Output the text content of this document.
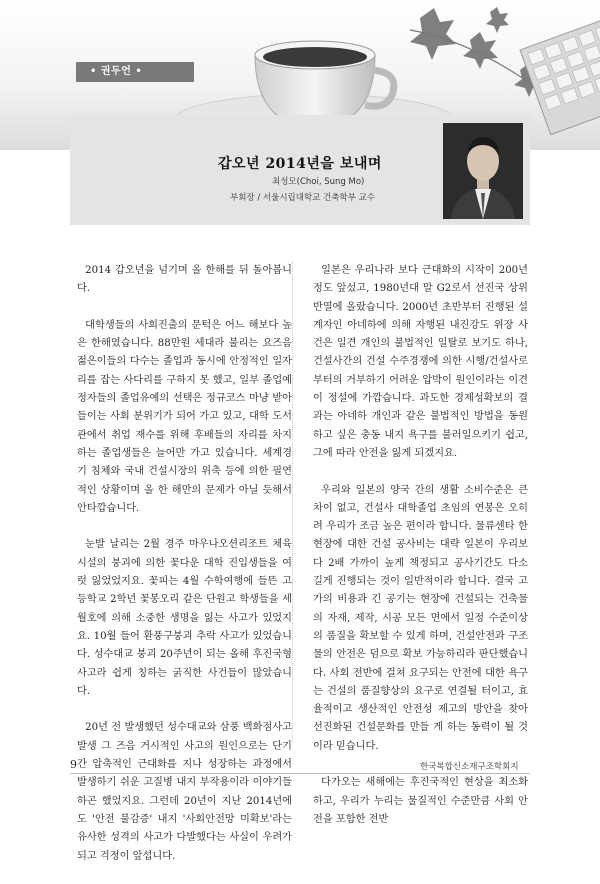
• 권두언 •
갑오년 2014년을 보내며
최성모(Choi, Sung Mo)
부회장 / 서울시립대학교 건축학부 교수

2014 갑오년을 넘기며 올 한해를 뒤 돌아봅니다.

대학생들의 사회진출의 문턱은 어느 해보다 높은 한해였습니다. 88만원 세대라 불리는 요즈음 젊은이들의 다수는 졸업과 동시에 안정적인 일자리를 잡는 사다리를 구하지 못 했고, 일부 졸업예정자들의 졸업유예의 선택은 정규코스 마냥 받아들이는 사회 분위기가 되어 가고 있고, 대학 도서관에서 취업 재수를 위해 후배들의 자리를 차지하는 졸업생들은 늘어만 가고 있습니다. 세계경기 침체와 국내 건설시장의 위축 등에 의한 필연적인 상황이며 올 한 해만의 문제가 아닐 듯해서 안타깝습니다.

눈발 날리는 2월 경주 마우나오션리조트 체육시설의 붕괴에 의한 꽃다운 대학 진입생들을 여럿 잃었었지요. 꽃피는 4월 수학여행에 들뜬 고등학교 2학년 꽃봉오리 같은 단원고 학생들을 세월호에 의해 소중한 생명을 잃는 사고가 있었지요. 10월 들어 환풍구붕괴 추락 사고가 있었습니다. 성수대교 붕괴 20주년이 되는 올해 후진국형 사고라 쉽게 칭하는 굵직한 사건들이 많았습니다.

20년 전 발생했던 성수대교와 삼풍 백화점사고 발생 그 즈음 거시적인 사고의 원인으로는 단기간 압축적인 근대화를 지나 성장하는 과정에서 발생하기 쉬운 고질병 내지 부작용이라 이야기들 하곤 했었지요. 그런데 20년이 지난 2014년에도 '안전 불감증' 내지 '사회안전망 미확보'라는 유사한 성격의 사고가 다발했다는 사실이 우려가 되고 걱정이 앞섭니다.

일본은 우리나라 보다 근대화의 시작이 200년 정도 앞섰고, 1980년대 말 G2로서 선진국 상위반열에 올랐습니다. 2000년 초반부터 진행된 설계자인 아네하에 의해 자행된 내진강도 위장 사건은 일견 개인의 불법적인 일탈로 보기도 하나, 건설사간의 건설 수주경쟁에 의한 시행/건설사로 부터의 거부하기 어려운 압박이 원인이라는 이견이 정설에 가깝습니다. 과도한 경제성확보의 결과는 아네하 개인과 같은 불법적인 방법을 동원하고 싶은 충동 내지 욕구를 불러일으키기 쉽고, 그에 따라 안전을 잃게 되겠지요.

우리와 일본의 양국 간의 생활 소비수준은 큰 차이 없고, 건설사 대학졸업 초임의 연봉은 오히려 우리가 조금 높은 편이라 합니다. 물류센타 한 현장에 대한 건설 공사비는 대략 일본이 우리보다 2배 가까이 높게 책정되고 공사기간도 다소 길게 진행되는 것이 일반적이라 합니다. 결국 고가의 비용과 긴 공기는 현장에 건설되는 건축물의 자재, 제작, 시공 모든 면에서 일정 수준이상의 품질을 확보할 수 있게 하며, 건설안전과 구조물의 안전은 덤으로 확보 가능하리라 판단했습니다. 사회 전반에 걸쳐 요구되는 안전에 대한 욕구는 건설의 품질향상의 요구로 연결될 터이고, 효율적이고 생산적인 안전성 제고의 방안을 찾아 선진화된 건설문화를 만들 게 하는 동력이 될 것이라 믿습니다.

다가오는 새해에는 후진국적인 현상을 최소화하고, 우리가 누리는 물질적인 수준만큼 사회 안전을 포함한 전반

9	한국복합신소재구조학회지
